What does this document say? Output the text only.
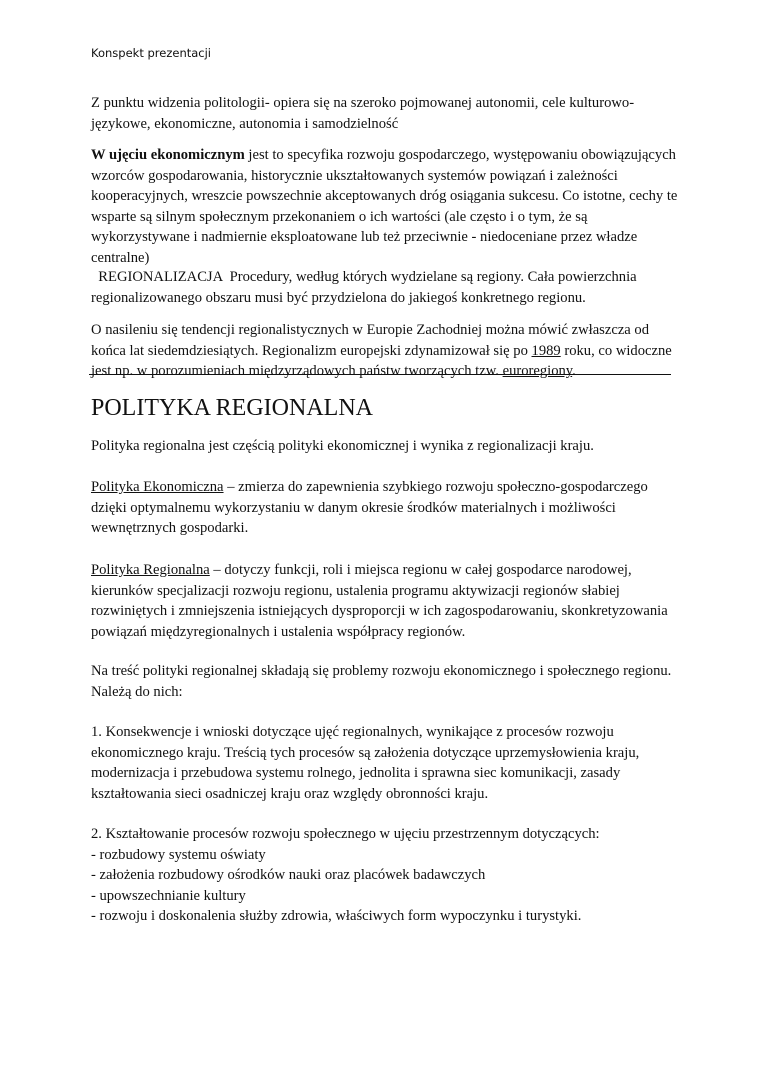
Konspekt prezentacji

Z punktu widzenia politologii- opiera się na szeroko pojmowanej autonomii, cele kulturowo-językowe, ekonomiczne, autonomia i samodzielność

W ujęciu ekonomicznym jest to specyfika rozwoju gospodarczego, występowaniu obowiązujących wzorców gospodarowania, historycznie ukształtowanych systemów powiązań i zależności kooperacyjnych, wreszcie powszechnie akceptowanych dróg osiągania sukcesu. Co istotne, cechy te wsparte są silnym społecznym przekonaniem o ich wartości (ale często i o tym, że są wykorzystywane i nadmiernie eksploatowane lub też przeciwnie - niedoceniane przez władze centralne)

REGIONALIZACJA  Procedury, według których wydzielane są regiony. Cała powierzchnia regionalizowanego obszaru musi być przydzielona do jakiegoś konkretnego regionu.

O nasileniu się tendencji regionalistycznych w Europie Zachodniej można mówić zwłaszcza od końca lat siedemdziesiątych. Regionalizm europejski zdynamizował się po 1989 roku, co widoczne jest np. w porozumieniach międzyrządowych państw tworzących tzw. euroregiony.

POLITYKA REGIONALNA

Polityka regionalna jest częścią polityki ekonomicznej i wynika z regionalizacji kraju.

Polityka Ekonomiczna – zmierza do zapewnienia szybkiego rozwoju społeczno-gospodarczego dzięki optymalnemu wykorzystaniu w danym okresie środków materialnych i możliwości wewnętrznych gospodarki.

Polityka Regionalna – dotyczy funkcji, roli i miejsca regionu w całej gospodarce narodowej, kierunków specjalizacji rozwoju regionu, ustalenia programu aktywizacji regionów słabiej rozwiniętych i zmniejszenia istniejących dysproporcji w ich zagospodarowaniu, skonkretyzowania powiązań międzyregionalnych i ustalenia współpracy regionów.

Na treść polityki regionalnej składają się problemy rozwoju ekonomicznego i społecznego regionu. Należą do nich:

1. Konsekwencje i wnioski dotyczące ujęć regionalnych, wynikające z procesów rozwoju ekonomicznego kraju. Treścią tych procesów są założenia dotyczące uprzemysłowienia kraju, modernizacja i przebudowa systemu rolnego, jednolita i sprawna siec komunikacji, zasady kształtowania sieci osadniczej kraju oraz względy obronności kraju.

2. Kształtowanie procesów rozwoju społecznego w ujęciu przestrzennym dotyczących:

- rozbudowy systemu oświaty

- założenia rozbudowy ośrodków nauki oraz placówek badawczych

- upowszechnianie kultury

- rozwoju i doskonalenia służby zdrowia, właściwych form wypoczynku i turystyki.
